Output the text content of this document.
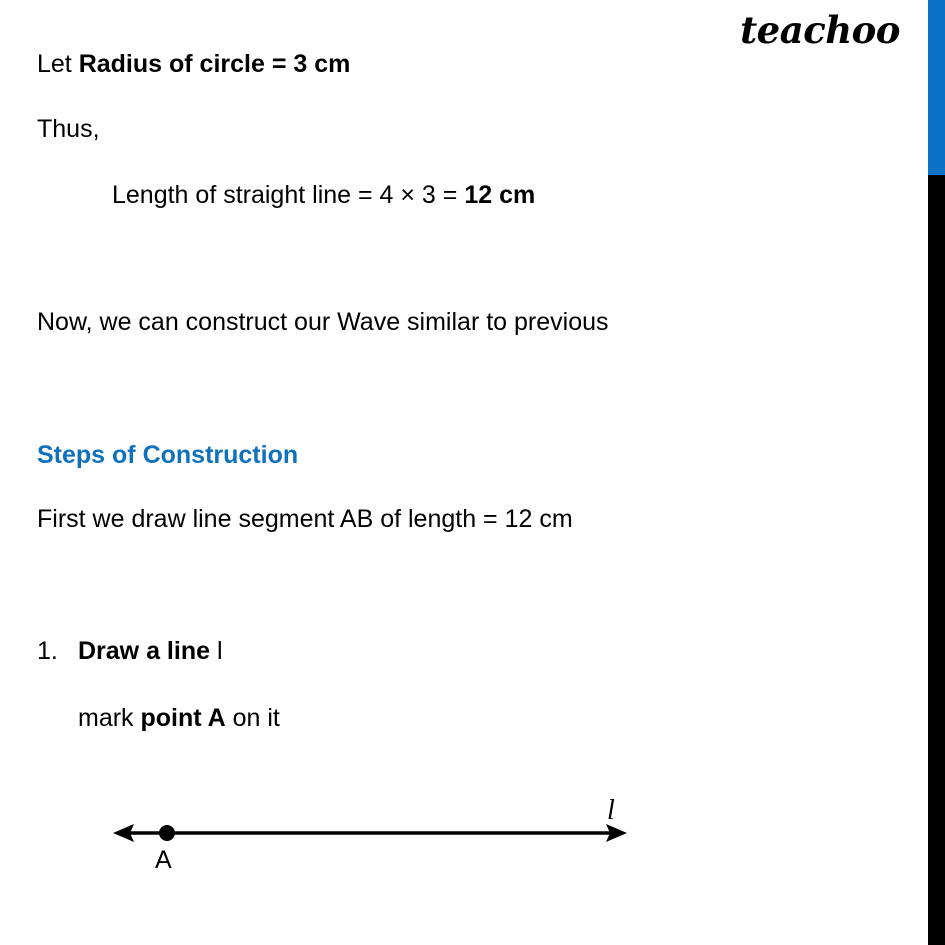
teachoo
Let Radius of circle = 3 cm
Thus,
Length of straight line = 4 × 3 = 12 cm
Now, we can construct our Wave similar to previous
Steps of Construction
First we draw line segment AB of length = 12 cm
1. Draw a line l
mark point A on it
A
l
